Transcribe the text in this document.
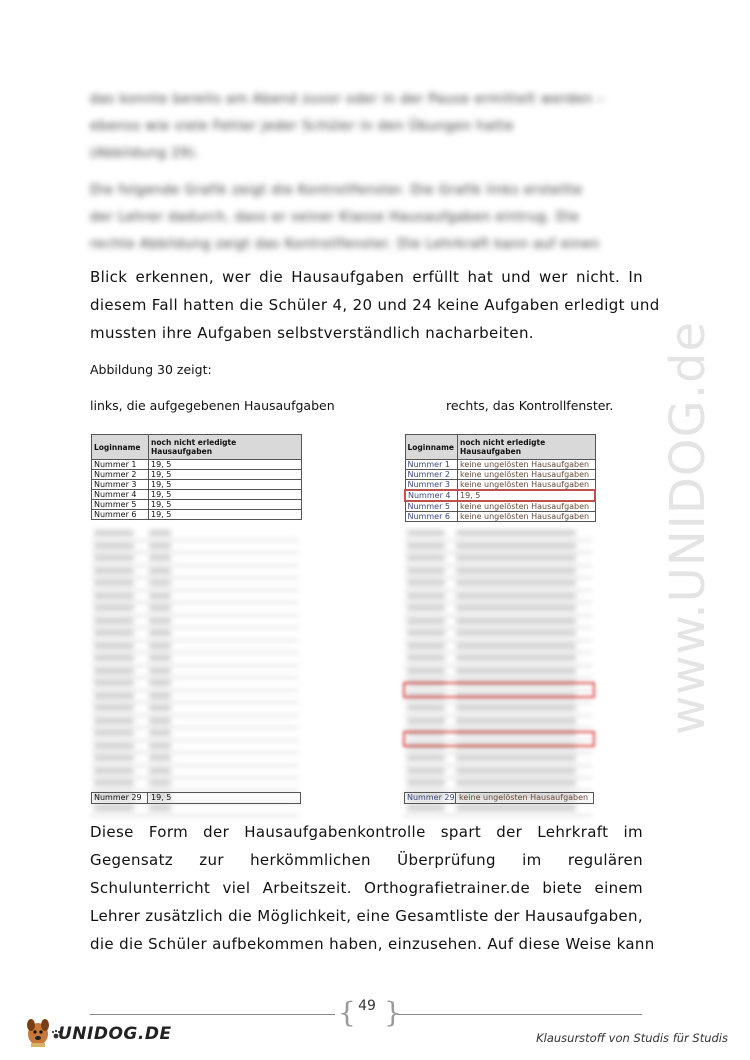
das konnte bereits am Abend zuvor oder in der Pause ermittelt werden –
ebenso wie viele Fehler jeder Schüler in den Übungen hatte
(Abbildung 29).
Die folgende Grafik zeigt die Kontrollfenster. Die Grafik links erstellte
der Lehrer dadurch, dass er seiner Klasse Hausaufgaben eintrug. Die
rechte Abbildung zeigt das Kontrollfenster. Die Lehrkraft kann auf einen
Blick erkennen, wer die Hausaufgaben erfüllt hat und wer nicht. In
diesem Fall hatten die Schüler 4, 20 und 24 keine Aufgaben erledigt und
mussten ihre Aufgaben selbstverständlich nacharbeiten.
Abbildung 30 zeigt:
links, die aufgegebenen Hausaufgaben	rechts, das Kontrollfenster.
Loginname	noch nicht erledigte Hausaufgaben
Nummer 1	19, 5
Nummer 2	19, 5
Nummer 3	19, 5
Nummer 4	19, 5
Nummer 5	19, 5
Nummer 6	19, 5
Nummer 29 19, 5
Loginname	noch nicht erledigte Hausaufgaben
Nummer 1	keine ungelösten Hausaufgaben
Nummer 2	keine ungelösten Hausaufgaben
Nummer 3	keine ungelösten Hausaufgaben
Nummer 4	19, 5
Nummer 5	keine ungelösten Hausaufgaben
Nummer 6	keine ungelösten Hausaufgaben
Nummer 29 keine ungelösten Hausaufgaben
Diese Form der Hausaufgabenkontrolle spart der Lehrkraft im
Gegensatz zur herkömmlichen Überprüfung im regulären
Schulunterricht viel Arbeitszeit. Orthografietrainer.de biete einem
Lehrer zusätzlich die Möglichkeit, eine Gesamtliste der Hausaufgaben,
die die Schüler aufbekommen haben, einzusehen. Auf diese Weise kann
www.UNIDOG.de
{ }
49
UNIDOG.DE	Klausurstoff von Studis für Studis
